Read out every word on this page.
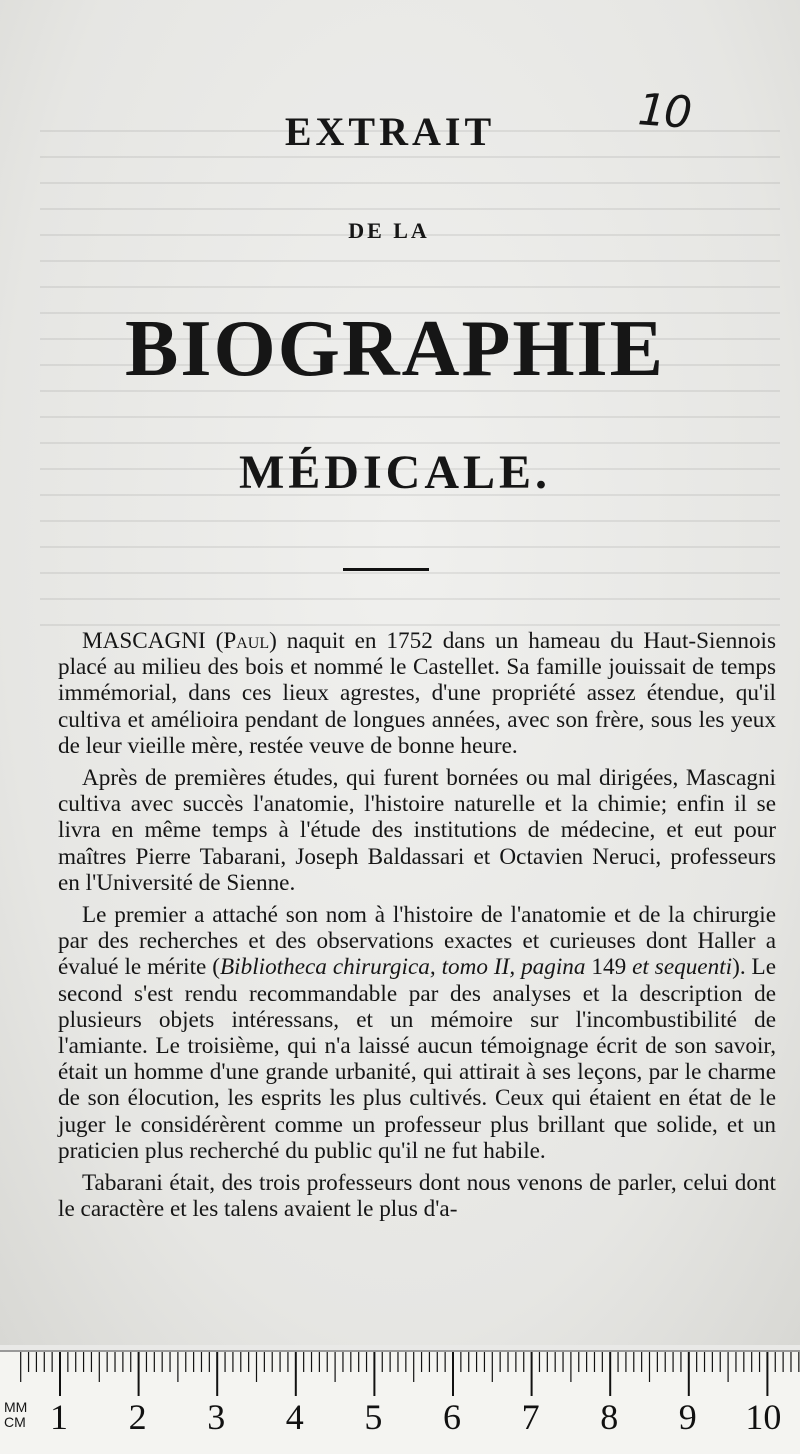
10
EXTRAIT
DE LA
BIOGRAPHIE
MÉDICALE.

MASCAGNI (Paul) naquit en 1752 dans un hameau du Haut-Siennois placé au milieu des bois et nommé le Castellet. Sa famille jouissait de temps immémorial, dans ces lieux agrestes, d'une propriété assez étendue, qu'il cultiva et amélioira pendant de longues années, avec son frère, sous les yeux de leur vieille mère, restée veuve de bonne heure.

Après de premières études, qui furent bornées ou mal dirigées, Mascagni cultiva avec succès l'anatomie, l'histoire naturelle et la chimie; enfin il se livra en même temps à l'étude des institutions de médecine, et eut pour maîtres Pierre Tabarani, Joseph Baldassari et Octavien Neruci, professeurs en l'Université de Sienne.

Le premier a attaché son nom à l'histoire de l'anatomie et de la chirurgie par des recherches et des observations exactes et curieuses dont Haller a évalué le mérite (Bibliotheca chirurgica, tomo II, pagina 149 et sequenti). Le second s'est rendu recommandable par des analyses et la description de plusieurs objets intéressans, et un mémoire sur l'incombustibilité de l'amiante. Le troisième, qui n'a laissé aucun témoignage écrit de son savoir, était un homme d'une grande urbanité, qui attirait à ses leçons, par le charme de son élocution, les esprits les plus cultivés. Ceux qui étaient en état de le juger le considérèrent comme un professeur plus brillant que solide, et un praticien plus recherché du public qu'il ne fut habile.

Tabarani était, des trois professeurs dont nous venons de parler, celui dont le caractère et les talens avaient le plus d'a-

MM
CM 1 2 3 4 5 6 7 8 9 10
